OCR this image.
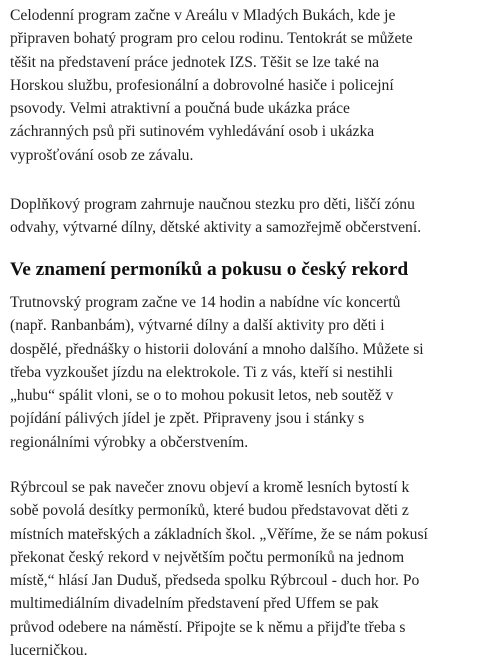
Celodenní program začne v Areálu v Mladých Bukách, kde je
připraven bohatý program pro celou rodinu. Tentokrát se můžete
těšit na představení práce jednotek IZS. Těšit se lze také na
Horskou službu, profesionální a dobrovolné hasiče i policejní
psovody. Velmi atraktivní a poučná bude ukázka práce
záchranných psů při sutinovém vyhledávání osob i ukázka
vyprošťování osob ze závalu.

Doplňkový program zahrnuje naučnou stezku pro děti, liščí zónu
odvahy, výtvarné dílny, dětské aktivity a samozřejmě občerstvení.

Ve znamení permoníků a pokusu o český rekord

Trutnovský program začne ve 14 hodin a nabídne víc koncertů
(např. Ranbanbám), výtvarné dílny a další aktivity pro děti i
dospělé, přednášky o historii dolování a mnoho dalšího. Můžete si
třeba vyzkoušet jízdu na elektrokole. Ti z vás, kteří si nestihli
„hubu“ spálit vloni, se o to mohou pokusit letos, neb soutěž v
pojídání pálivých jídel je zpět. Připraveny jsou i stánky s
regionálními výrobky a občerstvením.

Rýbrcoul se pak navečer znovu objeví a kromě lesních bytostí k
sobě povolá desítky permoníků, které budou představovat děti z
místních mateřských a základních škol. „Věříme, že se nám pokusí
překonat český rekord v největším počtu permoníků na jednom
místě,“ hlásí Jan Duduš, předseda spolku Rýbrcoul - duch hor. Po
multimediálním divadelním představení před Uffem se pak
průvod odebere na náměstí. Připojte se k němu a přijďte třeba s
lucerničkou.
